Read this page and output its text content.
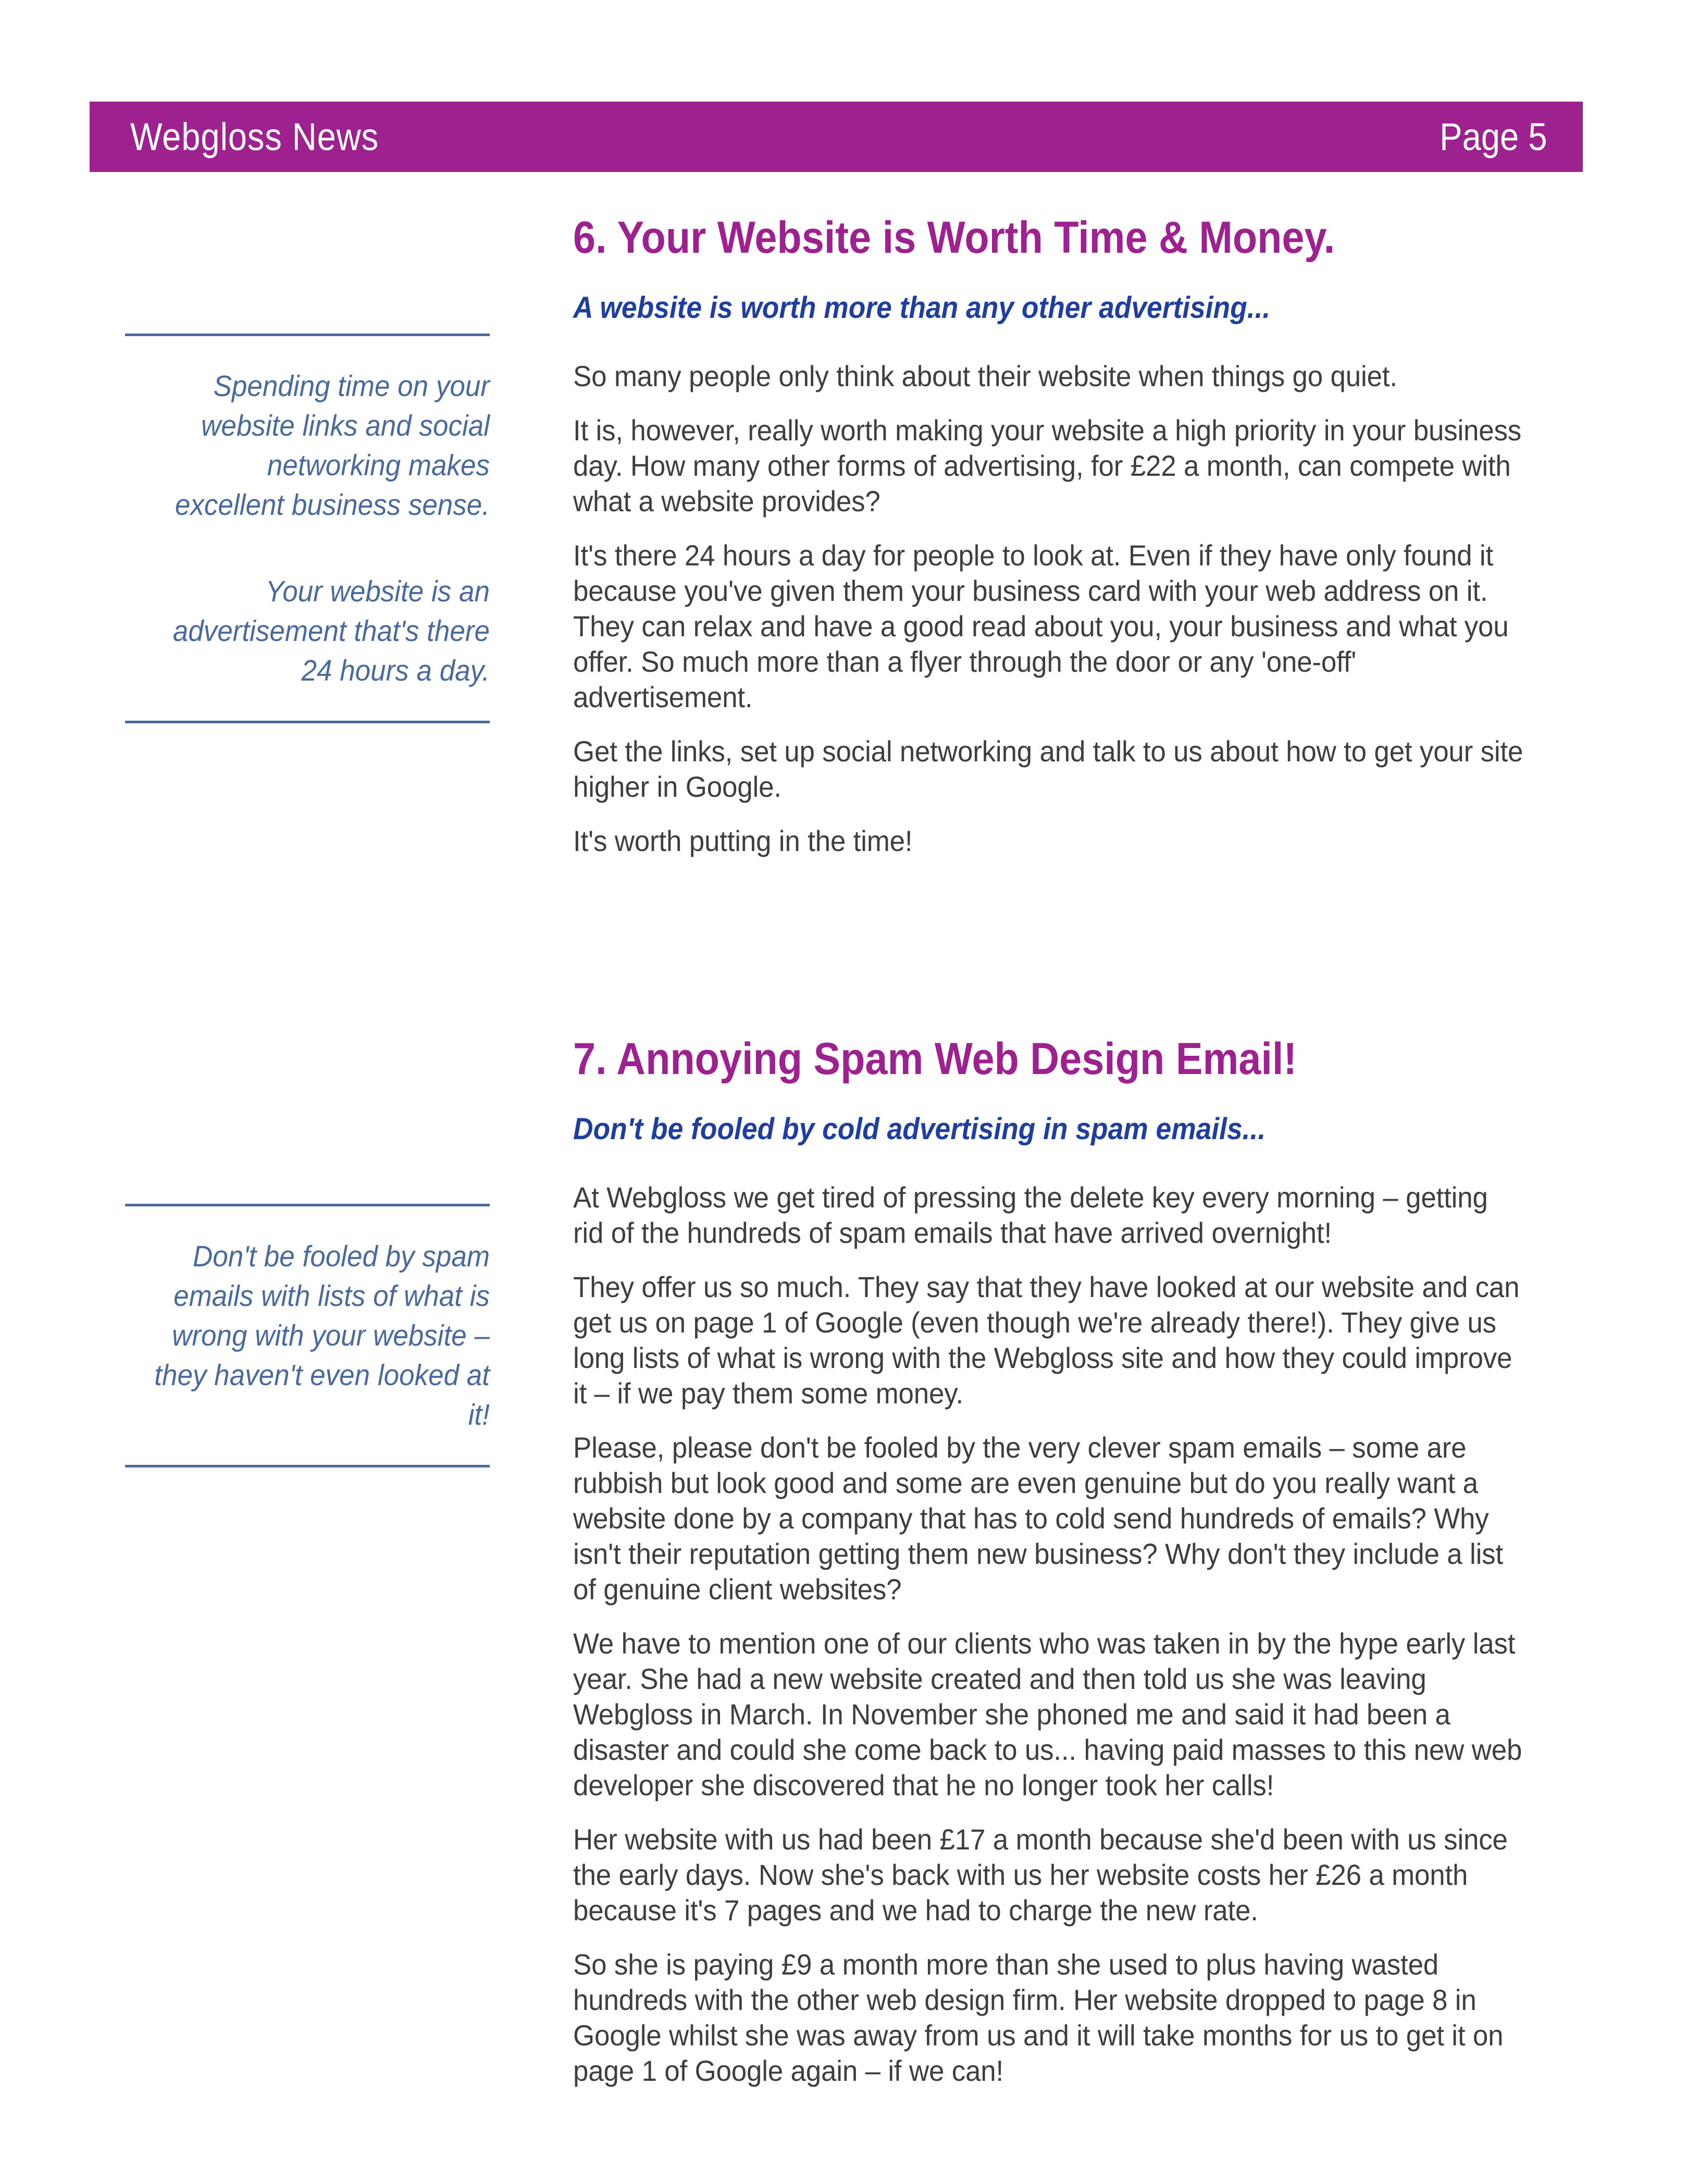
Webgloss News	Page 5

Spending time on your website links and social networking makes excellent business sense.

Your website is an advertisement that's there 24 hours a day.

Don't be fooled by spam emails with lists of what is wrong with your website – they haven't even looked at it!

6. Your Website is Worth Time & Money.

A website is worth more than any other advertising...

So many people only think about their website when things go quiet.

It is, however, really worth making your website a high priority in your business day. How many other forms of advertising, for £22 a month, can compete with what a website provides?

It's there 24 hours a day for people to look at. Even if they have only found it because you've given them your business card with your web address on it. They can relax and have a good read about you, your business and what you offer. So much more than a flyer through the door or any 'one-off' advertisement.

Get the links, set up social networking and talk to us about how to get your site higher in Google.

It's worth putting in the time!

7. Annoying Spam Web Design Email!

Don't be fooled by cold advertising in spam emails...

At Webgloss we get tired of pressing the delete key every morning – getting rid of the hundreds of spam emails that have arrived overnight!

They offer us so much. They say that they have looked at our website and can get us on page 1 of Google (even though we're already there!). They give us long lists of what is wrong with the Webgloss site and how they could improve it – if we pay them some money.

Please, please don't be fooled by the very clever spam emails – some are rubbish but look good and some are even genuine but do you really want a website done by a company that has to cold send hundreds of emails? Why isn't their reputation getting them new business? Why don't they include a list of genuine client websites?

We have to mention one of our clients who was taken in by the hype early last year. She had a new website created and then told us she was leaving Webgloss in March. In November she phoned me and said it had been a disaster and could she come back to us... having paid masses to this new web developer she discovered that he no longer took her calls!

Her website with us had been £17 a month because she'd been with us since the early days. Now she's back with us her website costs her £26 a month because it's 7 pages and we had to charge the new rate.

So she is paying £9 a month more than she used to plus having wasted hundreds with the other web design firm. Her website dropped to page 8 in Google whilst she was away from us and it will take months for us to get it on page 1 of Google again – if we can!
